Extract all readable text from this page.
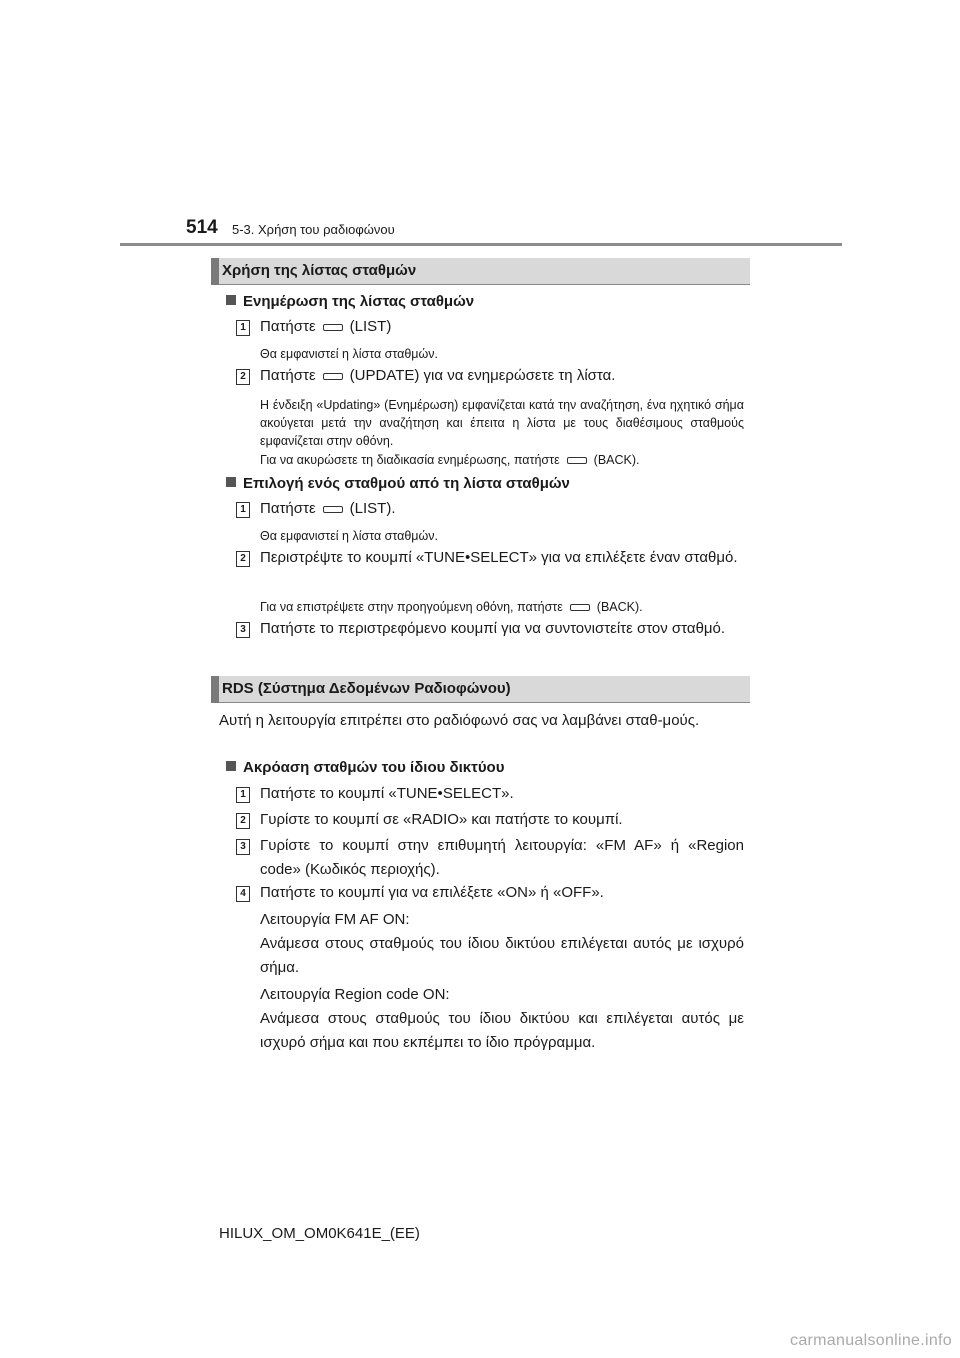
514 5-3. Χρήση του ραδιοφώνου
Χρήση της λίστας σταθμών
Ενημέρωση της λίστας σταθμών
1 Πατήστε (LIST)
Θα εμφανιστεί η λίστα σταθμών.
2 Πατήστε (UPDATE) για να ενημερώσετε τη λίστα.
Η ένδειξη «Updating» (Ενημέρωση) εμφανίζεται κατά την αναζήτηση, ένα ηχητικό σήμα ακούγεται μετά την αναζήτηση και έπειτα η λίστα με τους διαθέσιμους σταθμούς εμφανίζεται στην οθόνη.
Για να ακυρώσετε τη διαδικασία ενημέρωσης, πατήστε	(BACK).
Επιλογή ενός σταθμού από τη λίστα σταθμών
1 Πατήστε (LIST).
Θα εμφανιστεί η λίστα σταθμών.
2 Περιστρέψτε το κουμπί «TUNE•SELECT» για να επιλέξετε έναν σταθμό.
Για να επιστρέψετε στην προηγούμενη οθόνη, πατήστε	(BACK).
3 Πατήστε το περιστρεφόμενο κουμπί για να συντονιστείτε στον σταθμό.
RDS (Σύστημα Δεδομένων Ραδιοφώνου)
Αυτή η λειτουργία επιτρέπει στο ραδιόφωνό σας να λαμβάνει σταθ-μούς.
Ακρόαση σταθμών του ίδιου δικτύου
1 Πατήστε το κουμπί «TUNE•SELECT».
2 Γυρίστε το κουμπί σε «RADIO» και πατήστε το κουμπί.
3 Γυρίστε το κουμπί στην επιθυμητή λειτουργία: «FM AF» ή «Region code» (Κωδικός περιοχής).
4 Πατήστε το κουμπί για να επιλέξετε «ON» ή «OFF».
Λειτουργία FM AF ON:
Ανάμεσα στους σταθμούς του ίδιου δικτύου επιλέγεται αυτός με ισχυρό σήμα.
Λειτουργία Region code ON:
Ανάμεσα στους σταθμούς του ίδιου δικτύου και επιλέγεται αυτός με ισχυρό σήμα και που εκπέμπει το ίδιο πρόγραμμα.
HILUX_OM_OM0K641E_(EE)
carmanualsonline.info
